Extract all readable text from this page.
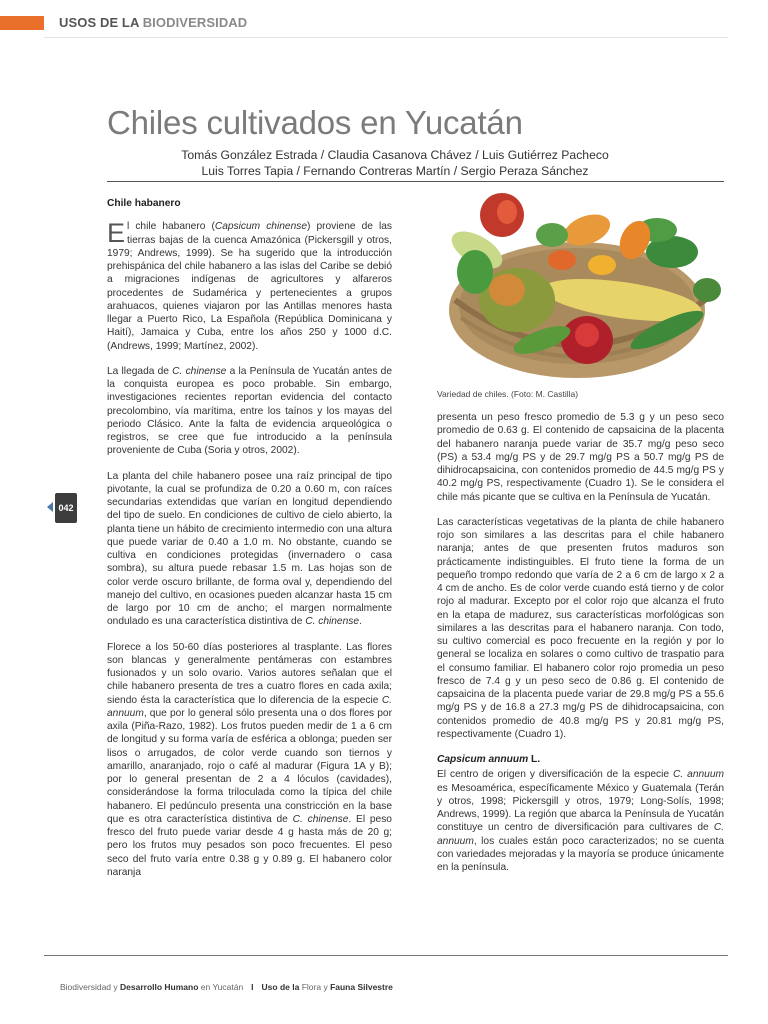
USOS DE LA BIODIVERSIDAD
Chiles cultivados en Yucatán
Tomás González Estrada / Claudia Casanova Chávez / Luis Gutiérrez Pacheco
Luis Torres Tapia / Fernando Contreras Martín / Sergio Peraza Sánchez
Chile habanero

El chile habanero (Capsicum chinense) proviene de las tierras bajas de la cuenca Amazónica (Pickersgill y otros, 1979; Andrews, 1999). Se ha sugerido que la introducción prehispánica del chile habanero a las islas del Caribe se debió a migraciones indígenas de agricultores y alfareros procedentes de Sudamérica y pertenecientes a grupos arahuacos, quienes viajaron por las Antillas menores hasta llegar a Puerto Rico, La Española (República Dominicana y Haití), Jamaica y Cuba, entre los años 250 y 1000 d.C. (Andrews, 1999; Martínez, 2002).

La llegada de C. chinense a la Península de Yucatán antes de la conquista europea es poco probable. Sin embargo, investigaciones recientes reportan evidencia del contacto precolombino, vía marítima, entre los taínos y los mayas del periodo Clásico. Ante la falta de evidencia arqueológica o registros, se cree que fue introducido a la península proveniente de Cuba (Soria y otros, 2002).

La planta del chile habanero posee una raíz principal de tipo pivotante, la cual se profundiza de 0.20 a 0.60 m, con raíces secundarias extendidas que varían en longitud dependiendo del tipo de suelo. En condiciones de cultivo de cielo abierto, la planta tiene un hábito de crecimiento intermedio con una altura que puede variar de 0.40 a 1.0 m. No obstante, cuando se cultiva en condiciones protegidas (invernadero o casa sombra), su altura puede rebasar 1.5 m. Las hojas son de color verde oscuro brillante, de forma oval y, dependiendo del manejo del cultivo, en ocasiones pueden alcanzar hasta 15 cm de largo por 10 cm de ancho; el margen normalmente ondulado es una característica distintiva de C. chinense.

Florece a los 50-60 días posteriores al trasplante. Las flores son blancas y generalmente pentámeras con estambres fusionados y un solo ovario. Varios autores señalan que el chile habanero presenta de tres a cuatro flores en cada axila; siendo ésta la característica que lo diferencia de la especie C. annuum, que por lo general sólo presenta una o dos flores por axila (Piña-Razo, 1982). Los frutos pueden medir de 1 a 6 cm de longitud y su forma varía de esférica a oblonga; pueden ser lisos o arrugados, de color verde cuando son tiernos y amarillo, anaranjado, rojo o café al madurar (Figura 1A y B); por lo general presentan de 2 a 4 lóculos (cavidades), considerándose la forma triloculada como la típica del chile habanero. El pedúnculo presenta una constricción en la base que es otra característica distintiva de C. chinense. El peso fresco del fruto puede variar desde 4 g hasta más de 20 g; pero los frutos muy pesados son poco frecuentes. El peso seco del fruto varía entre 0.38 g y 0.89 g. El habanero color naranja

Variedad de chiles. (Foto: M. Castilla)
042

presenta un peso fresco promedio de 5.3 g y un peso seco promedio de 0.63 g. El contenido de capsaicina de la placenta del habanero naranja puede variar de 35.7 mg/g peso seco (PS) a 53.4 mg/g PS y de 29.7 mg/g PS a 50.7 mg/g PS de dihidrocapsaicina, con contenidos promedio de 44.5 mg/g PS y 40.2 mg/g PS, respectivamente (Cuadro 1). Se le considera el chile más picante que se cultiva en la Península de Yucatán.

Las características vegetativas de la planta de chile habanero rojo son similares a las descritas para el chile habanero naranja; antes de que presenten frutos maduros son prácticamente indistinguibles. El fruto tiene la forma de un pequeño trompo redondo que varía de 2 a 6 cm de largo x 2 a 4 cm de ancho. Es de color verde cuando está tierno y de color rojo al madurar. Excepto por el color rojo que alcanza el fruto en la etapa de madurez, sus características morfológicas son similares a las descritas para el habanero naranja. Con todo, su cultivo comercial es poco frecuente en la región y por lo general se localiza en solares o como cultivo de traspatio para el consumo familiar. El habanero color rojo promedia un peso fresco de 7.4 g y un peso seco de 0.86 g. El contenido de capsaicina de la placenta puede variar de 29.8 mg/g PS a 55.6 mg/g PS y de 16.8 a 27.3 mg/g PS de dihidrocapsaicina, con contenidos promedio de 40.8 mg/g PS y 20.81 mg/g PS, respectivamente (Cuadro 1).

Capsicum annuum L.

El centro de origen y diversificación de la especie C. annuum es Mesoamérica, específicamente México y Guatemala (Terán y otros, 1998; Pickersgill y otros, 1979; Long-Solís, 1998; Andrews, 1999). La región que abarca la Península de Yucatán constituye un centro de diversificación para cultivares de C. annuum, los cuales están poco caracterizados; no se cuenta con variedades mejoradas y la mayoría se produce únicamente en la península.

Biodiversidad y Desarrollo Humano en Yucatán I Uso de la Flora y Fauna Silvestre
